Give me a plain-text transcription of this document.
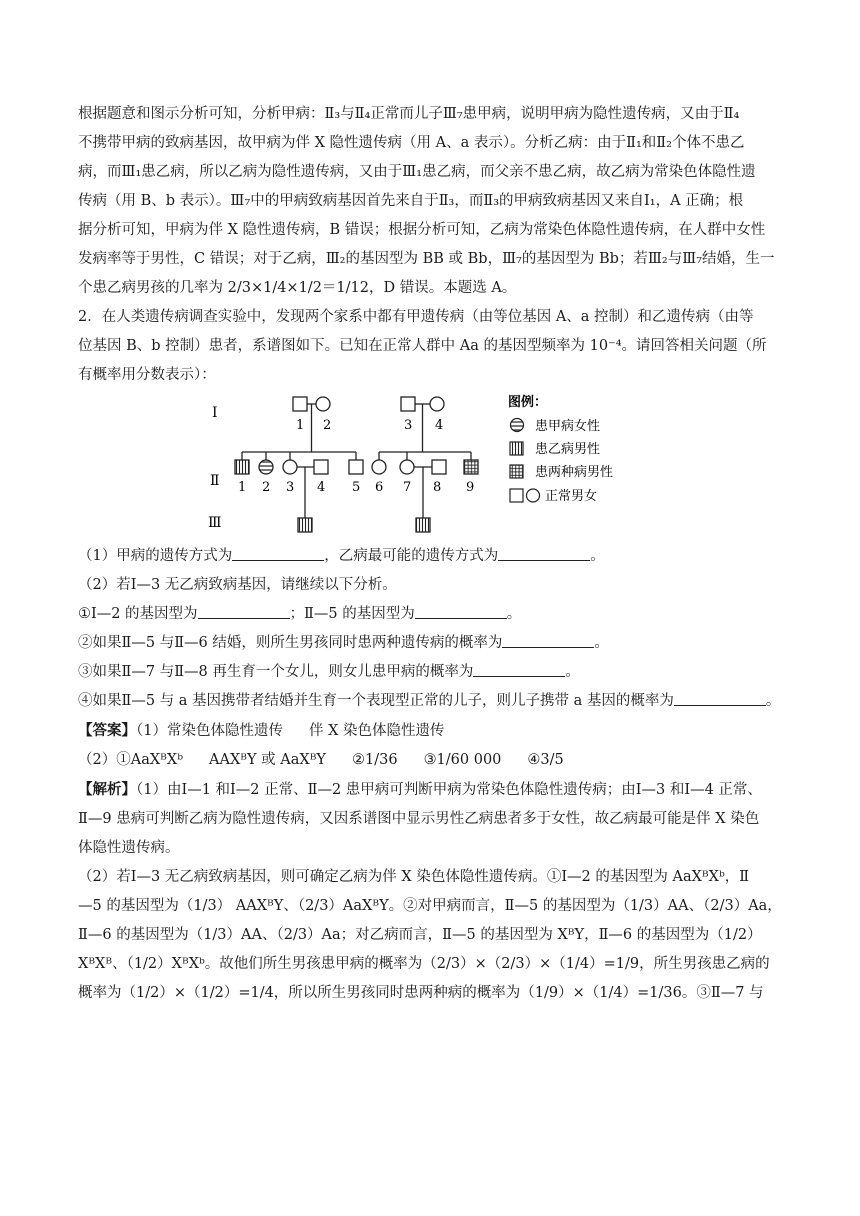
根据题意和图示分析可知，分析甲病：Ⅱ₃与Ⅱ₄正常而儿子Ⅲ₇患甲病，说明甲病为隐性遗传病，又由于Ⅱ₄

不携带甲病的致病基因，故甲病为伴 X 隐性遗传病（用 A、a 表示）。分析乙病：由于Ⅱ₁和Ⅱ₂个体不患乙

病，而Ⅲ₁患乙病，所以乙病为隐性遗传病，又由于Ⅲ₁患乙病，而父亲不患乙病，故乙病为常染色体隐性遗

传病（用 B、b 表示）。Ⅲ₇中的甲病致病基因首先来自于Ⅱ₃，而Ⅱ₃的甲病致病基因又来自Ⅰ₁，A 正确；根

据分析可知，甲病为伴 X 隐性遗传病，B 错误；根据分析可知，乙病为常染色体隐性遗传病，在人群中女性

发病率等于男性，C 错误；对于乙病，Ⅲ₂的基因型为 BB 或 Bb，Ⅲ₇的基因型为 Bb；若Ⅲ₂与Ⅲ₇结婚，生一

个患乙病男孩的几率为 2/3×1/4×1/2＝1/12，D 错误。本题选 A。

2．在人类遗传病调查实验中，发现两个家系中都有甲遗传病（由等位基因 A、a 控制）和乙遗传病（由等

位基因 B、b 控制）患者，系谱图如下。已知在正常人群中 Aa 的基因型频率为 10⁻⁴。请回答相关问题（所

有概率用分数表示）：

Ⅰ
Ⅱ
Ⅲ
1 2
1 2 3 4 5
3 4
6 7 8 9
图例：
患甲病女性
患乙病男性
患两种病男性
正常男女

（1）甲病的遗传方式为	，乙病最可能的遗传方式为	。

（2）若Ⅰ—3 无乙病致病基因，请继续以下分析。

①Ⅰ—2 的基因型为	；Ⅱ—5 的基因型为	。

②如果Ⅱ—5 与Ⅱ—6 结婚，则所生男孩同时患两种遗传病的概率为	。

③如果Ⅱ—7 与Ⅱ—8 再生育一个女儿，则女儿患甲病的概率为	。

④如果Ⅱ—5 与 a 基因携带者结婚并生育一个表现型正常的儿子，则儿子携带 a 基因的概率为	。

【答案】（1）常染色体隐性遗传 伴 X 染色体隐性遗传

（2）①AaXᴮXᵇ AAXᴮY 或 AaXᴮY ②1/36 ③1/60 000 ④3/5

【解析】（1）由Ⅰ—1 和Ⅰ—2 正常、Ⅱ—2 患甲病可判断甲病为常染色体隐性遗传病；由Ⅰ—3 和Ⅰ—4 正常、

Ⅱ—9 患病可判断乙病为隐性遗传病，又因系谱图中显示男性乙病患者多于女性，故乙病最可能是伴 X 染色

体隐性遗传病。

（2）若Ⅰ—3 无乙病致病基因，则可确定乙病为伴 X 染色体隐性遗传病。①Ⅰ—2 的基因型为 AaXᴮXᵇ，Ⅱ

—5 的基因型为（1/3） AAXᴮY、（2/3）AaXᴮY。②对甲病而言，Ⅱ—5 的基因型为（1/3）AA、（2/3）Aa，

Ⅱ—6 的基因型为（1/3）AA、（2/3）Aa；对乙病而言，Ⅱ—5 的基因型为 XᴮY，Ⅱ—6 的基因型为（1/2）

XᴮXᴮ、（1/2）XᴮXᵇ。故他们所生男孩患甲病的概率为（2/3）×（2/3）×（1/4）=1/9，所生男孩患乙病的

概率为（1/2）×（1/2）=1/4，所以所生男孩同时患两种病的概率为（1/9）×（1/4）=1/36。③Ⅱ—7 与
